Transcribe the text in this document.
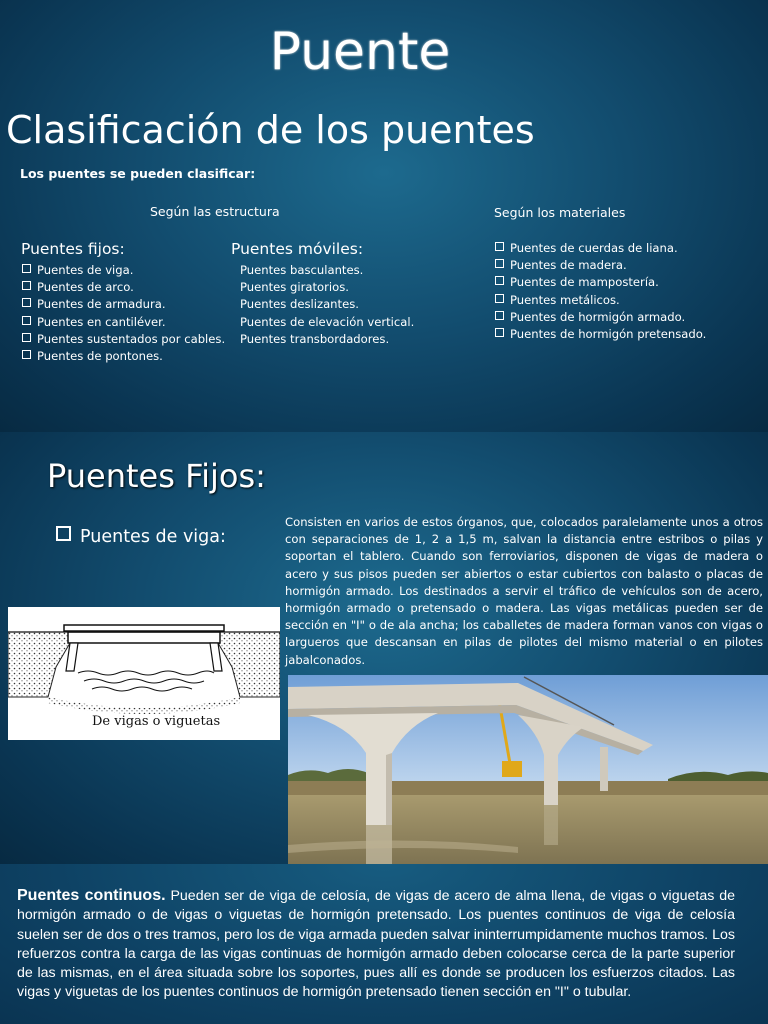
Puente
Clasificación de los puentes
Los puentes se pueden clasificar:
Según las estructura	Según los materiales
Puentes fijos:
Puentes de viga.
Puentes de arco.
Puentes de armadura.
Puentes en cantiléver.
Puentes sustentados por cables.
Puentes de pontones.
Puentes móviles:
Puentes basculantes.
Puentes giratorios.
Puentes deslizantes.
Puentes de elevación vertical.
Puentes transbordadores.
Puentes de cuerdas de liana.
Puentes de madera.
Puentes de mampostería.
Puentes metálicos.
Puentes de hormigón armado.
Puentes de hormigón pretensado.
Puentes Fijos:
Puentes de viga:
Consisten en varios de estos órganos, que, colocados paralelamente unos a otros con separaciones de 1, 2 a 1,5 m, salvan la distancia entre estribos o pilas y soportan el tablero. Cuando son ferroviarios, disponen de vigas de madera o acero y sus pisos pueden ser abiertos o estar cubiertos con balasto o placas de hormigón armado. Los destinados a servir el tráfico de vehículos son de acero, hormigón armado o pretensado o madera. Las vigas metálicas pueden ser de sección en "I" o de ala ancha; los caballetes de madera forman vanos con vigas o largueros que descansan en pilas de pilotes del mismo material o en pilotes jabalconados.
De vigas o viguetas
Puentes continuos. Pueden ser de viga de celosía, de vigas de acero de alma llena, de vigas o viguetas de hormigón armado o de vigas o viguetas de hormigón pretensado. Los puentes continuos de viga de celosía suelen ser de dos o tres tramos, pero los de viga armada pueden salvar ininterrumpidamente muchos tramos. Los refuerzos contra la carga de las vigas continuas de hormigón armado deben colocarse cerca de la parte superior de las mismas, en el área situada sobre los soportes, pues allí es donde se producen los esfuerzos citados. Las vigas y viguetas de los puentes continuos de hormigón pretensado tienen sección en "I" o tubular.
